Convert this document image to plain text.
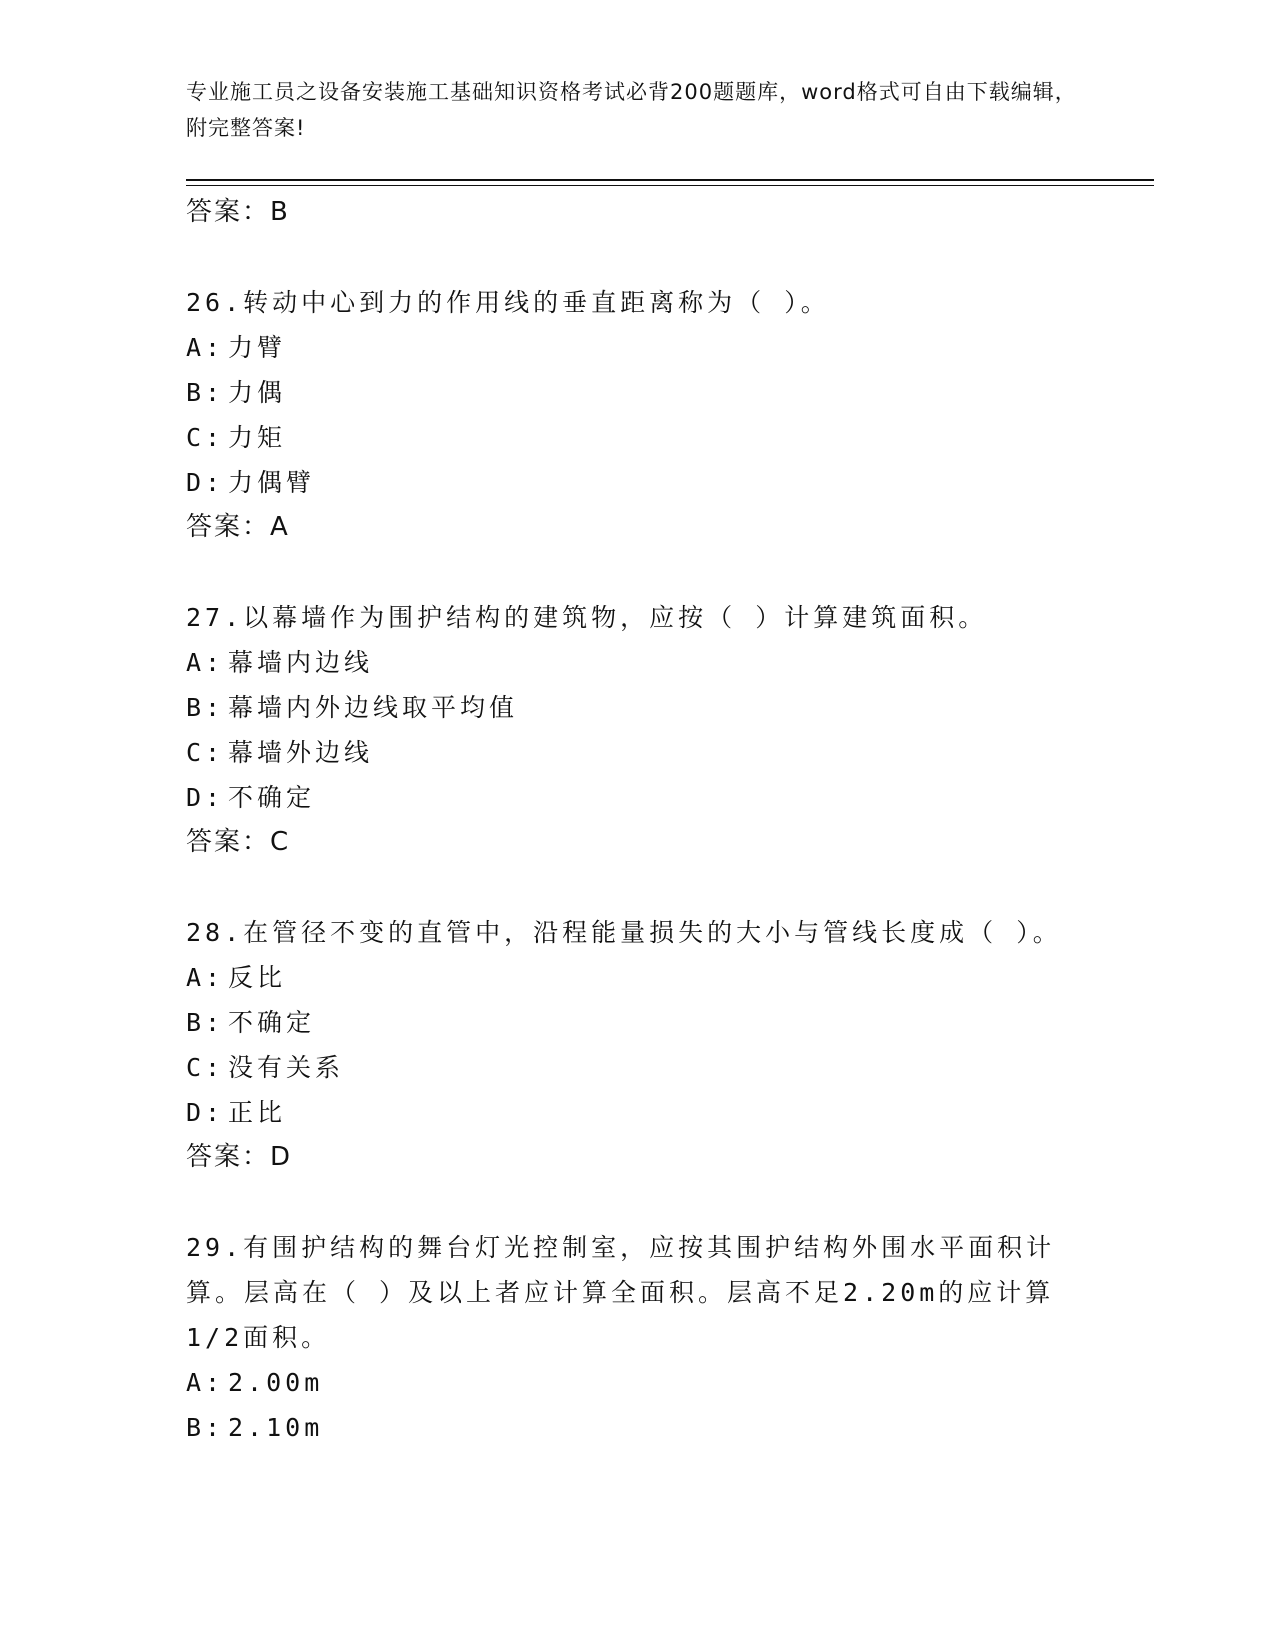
专业施工员之设备安装施工基础知识资格考试必背200题题库，word格式可自由下载编辑，附完整答案!
答案：B
26.转动中心到力的作用线的垂直距离称为（ ）。
A: 力臂
B: 力偶
C: 力矩
D: 力偶臂
答案：A
27.以幕墙作为围护结构的建筑物，应按（ ）计算建筑面积。
A: 幕墙内边线
B: 幕墙内外边线取平均值
C: 幕墙外边线
D: 不确定
答案：C
28.在管径不变的直管中，沿程能量损失的大小与管线长度成（ ）。
A: 反比
B: 不确定
C: 没有关系
D: 正比
答案：D
29.有围护结构的舞台灯光控制室，应按其围护结构外围水平面积计算。层高在（ ）及以上者应计算全面积。层高不足2.20m的应计算1/2面积。
A: 2.00m
B: 2.10m
